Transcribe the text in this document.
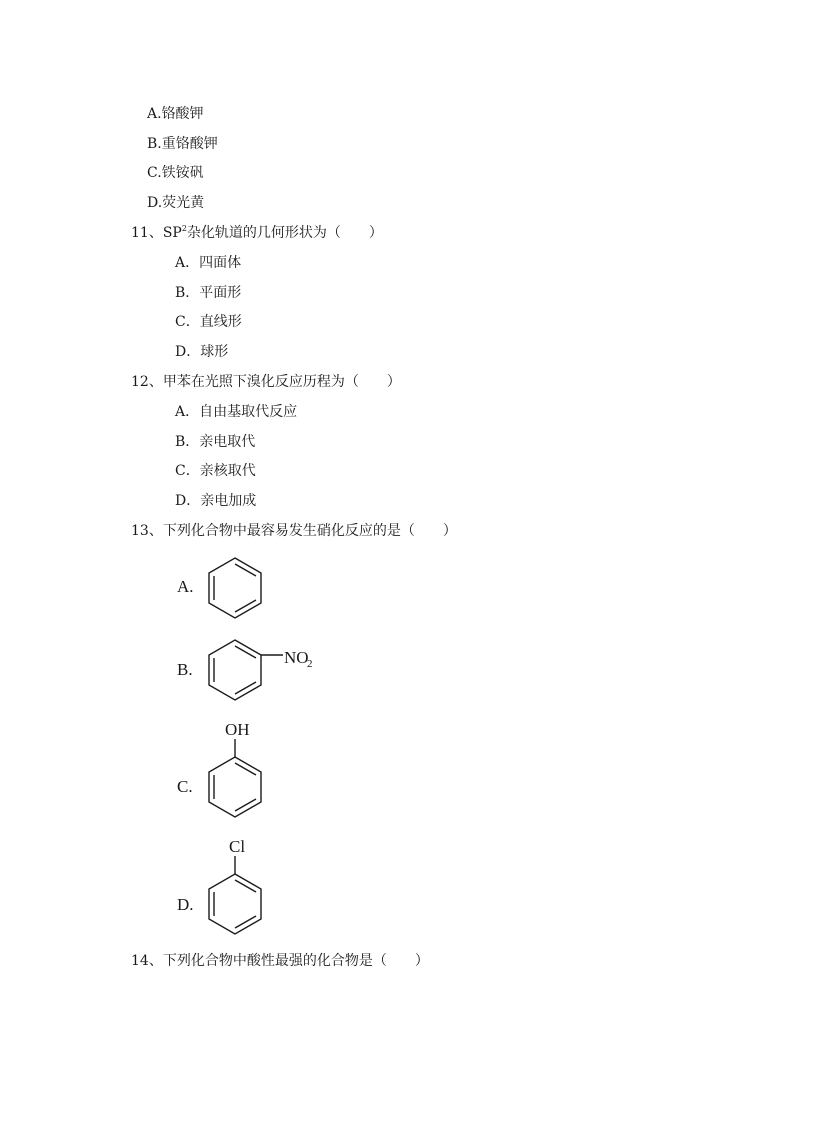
A.铬酸钾
B.重铬酸钾
C.铁铵矾
D.荧光黄
11、$SP^2$杂化轨道的几何形状为（　　）
A．四面体
B．平面形
C．直线形
D．球形
12、甲苯在光照下溴化反应历程为（　　）
A．自由基取代反应
B．亲电取代
C．亲核取代
D．亲电加成
13、下列化合物中最容易发生硝化反应的是（　　）
A.
B.
NO
2
C.
OH
D.
Cl
14、下列化合物中酸性最强的化合物是（　　）
